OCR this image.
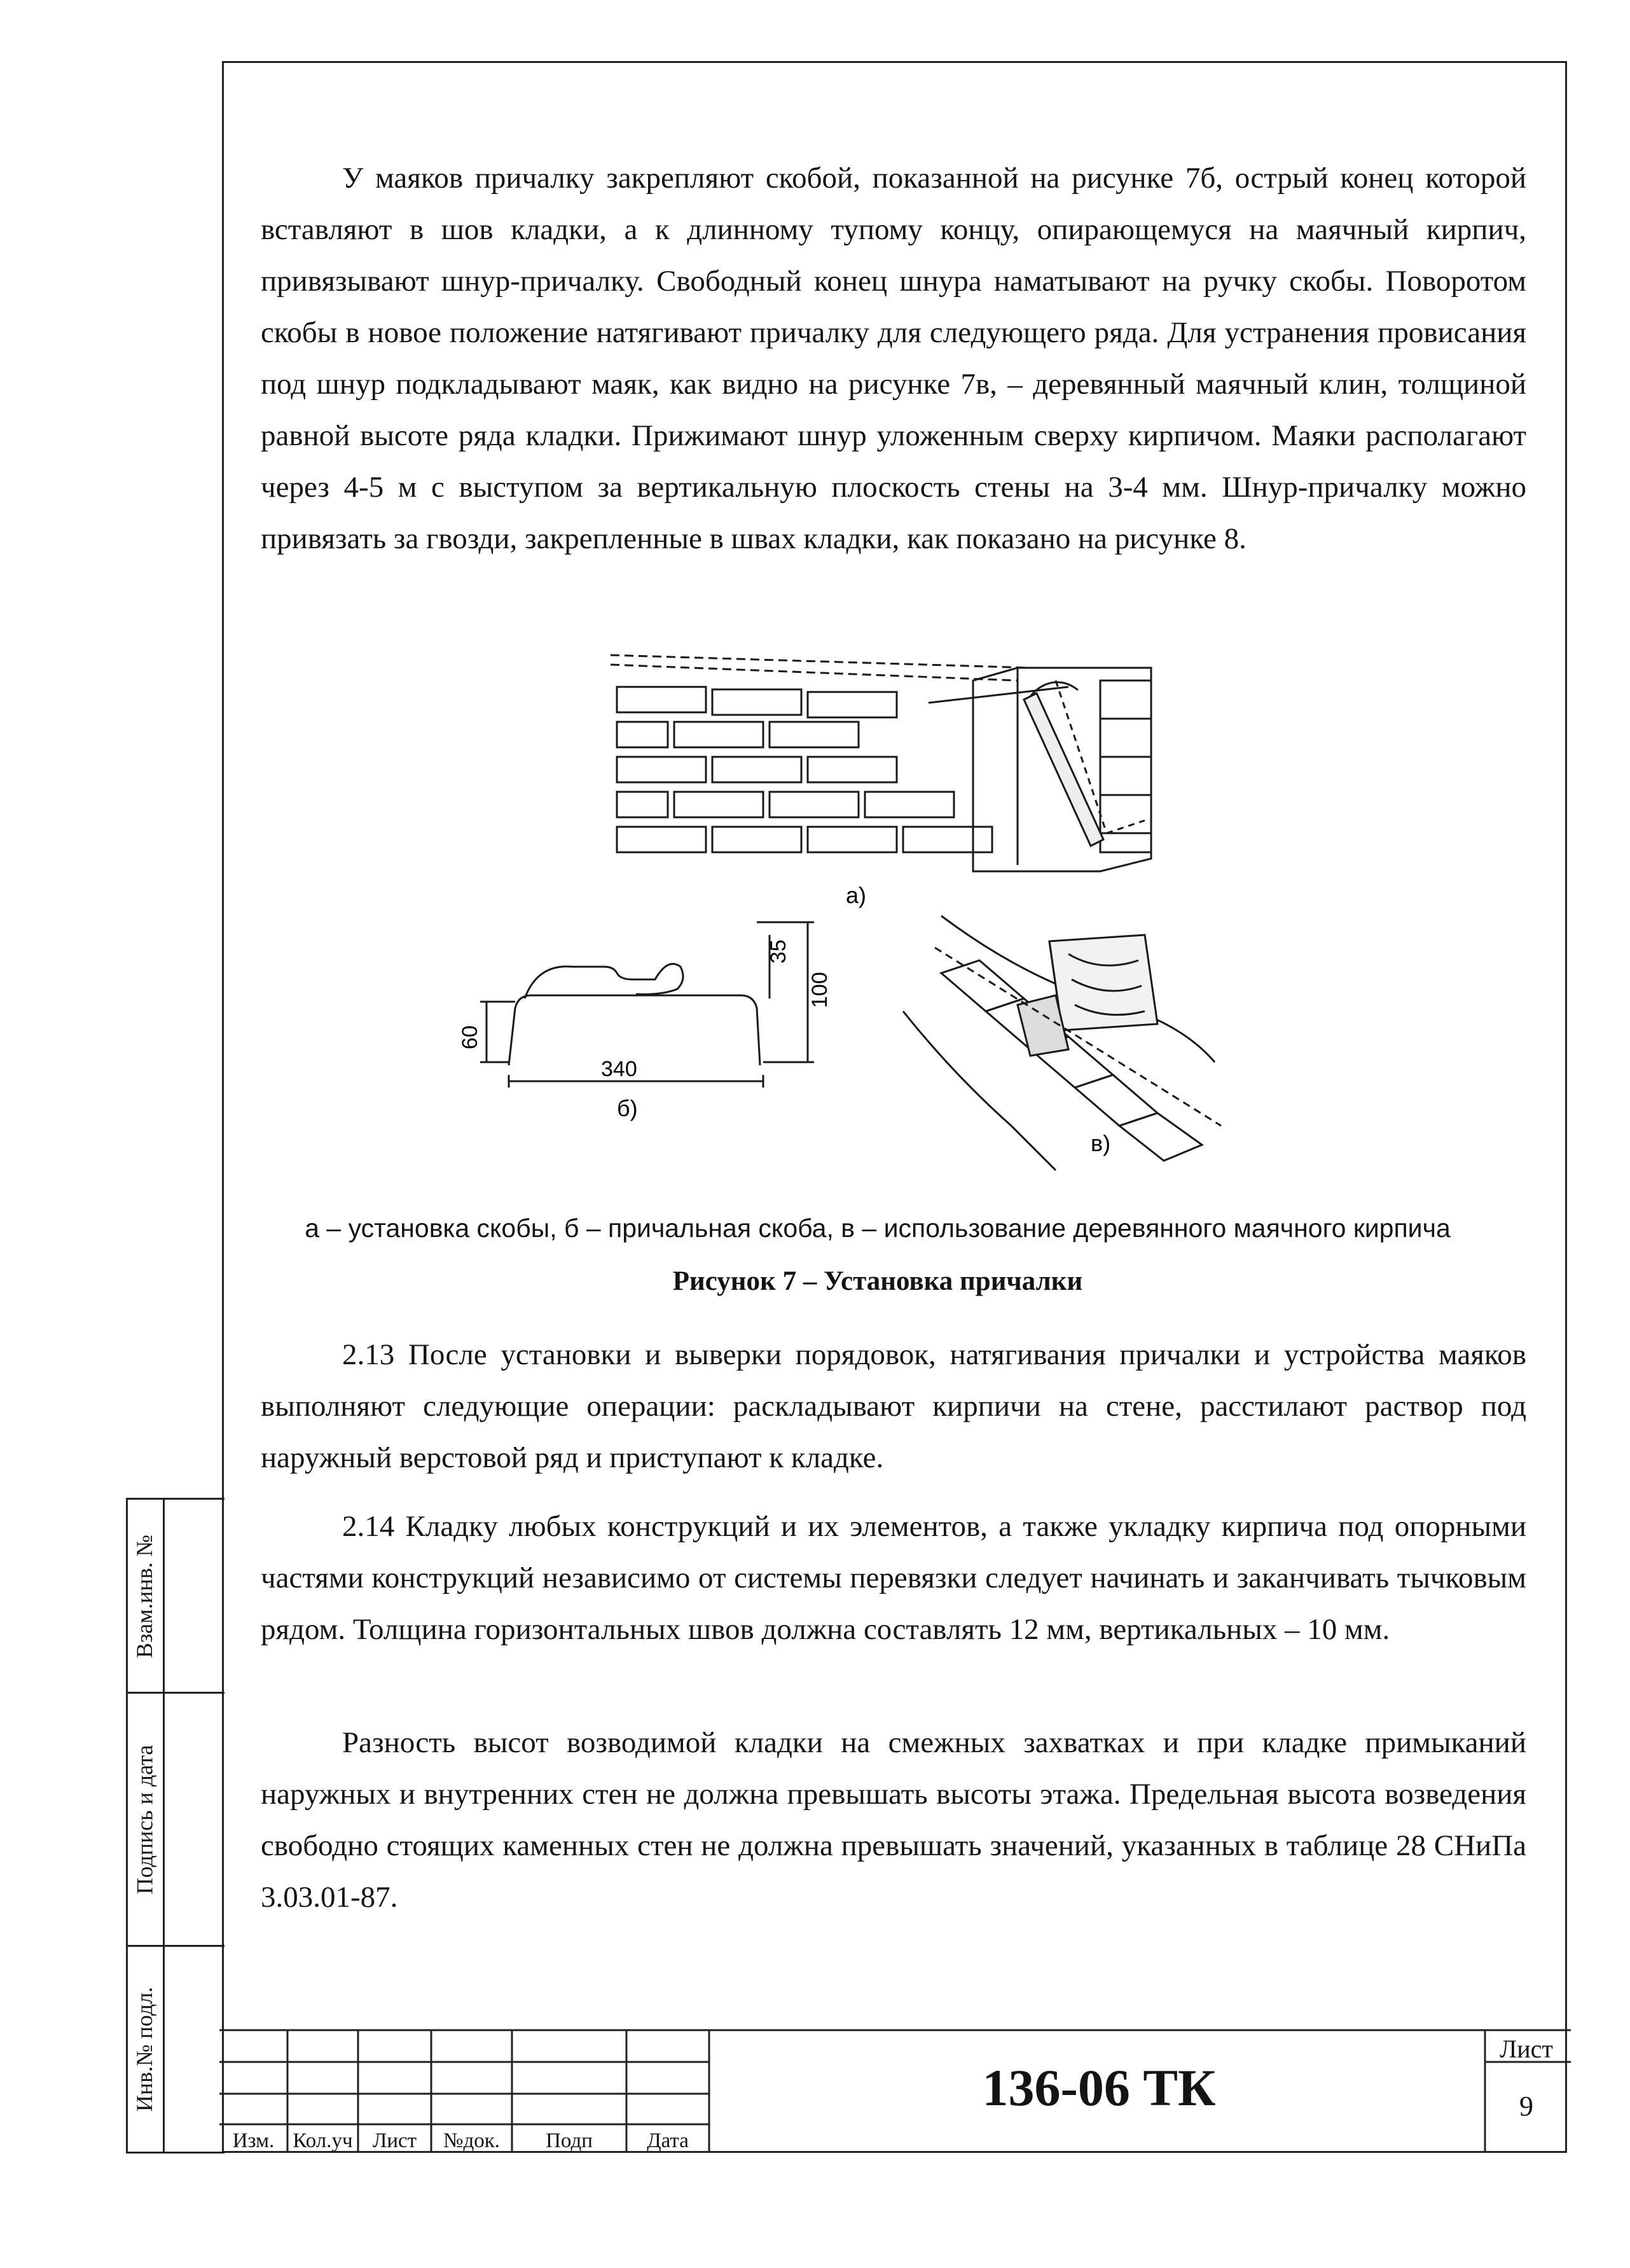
У маяков причалку закрепляют скобой, показанной на рисунке 7б, острый конец которой вставляют в шов кладки, а к длинному тупому концу, опирающемуся на маячный кирпич, привязывают шнур-причалку. Свободный конец шнура наматывают на ручку скобы. Поворотом скобы в новое положение натягивают причалку для следующего ряда. Для устранения провисания под шнур подкладывают маяк, как видно на рисунке 7в, – деревянный маячный клин, толщиной равной высоте ряда кладки. Прижимают шнур уложенным сверху кирпичом. Маяки располагают через 4-5 м с выступом за вертикальную плоскость стены на 3-4 мм. Шнур-причалку можно привязать за гвозди, закрепленные в швах кладки, как показано на рисунке 8.

а)
35
100
60
340
б)
в)

а – установка скобы, б – причальная скоба, в – использование деревянного маячного кирпича

Рисунок 7 – Установка причалки

2.13 После установки и выверки порядовок, натягивания причалки и устройства маяков выполняют следующие операции: раскладывают кирпичи на стене, расстилают раствор под наружный верстовой ряд и приступают к кладке.

2.14 Кладку любых конструкций и их элементов, а также укладку кирпича под опорными частями конструкций независимо от системы перевязки следует начинать и заканчивать тычковым рядом. Толщина горизонтальных швов должна составлять 12 мм, вертикальных – 10 мм.

Разность высот возводимой кладки на смежных захватках и при кладке примыканий наружных и внутренних стен не должна превышать высоты этажа. Предельная высота возведения свободно стоящих каменных стен не должна превышать значений, указанных в таблице 28 СНиПа 3.03.01-87.

Взам.инв. №
Подпись и дата
Инв.№ подл.
Изм. Кол.уч Лист	№док.	Подп	Дата
136-06 ТК
Лист
9
